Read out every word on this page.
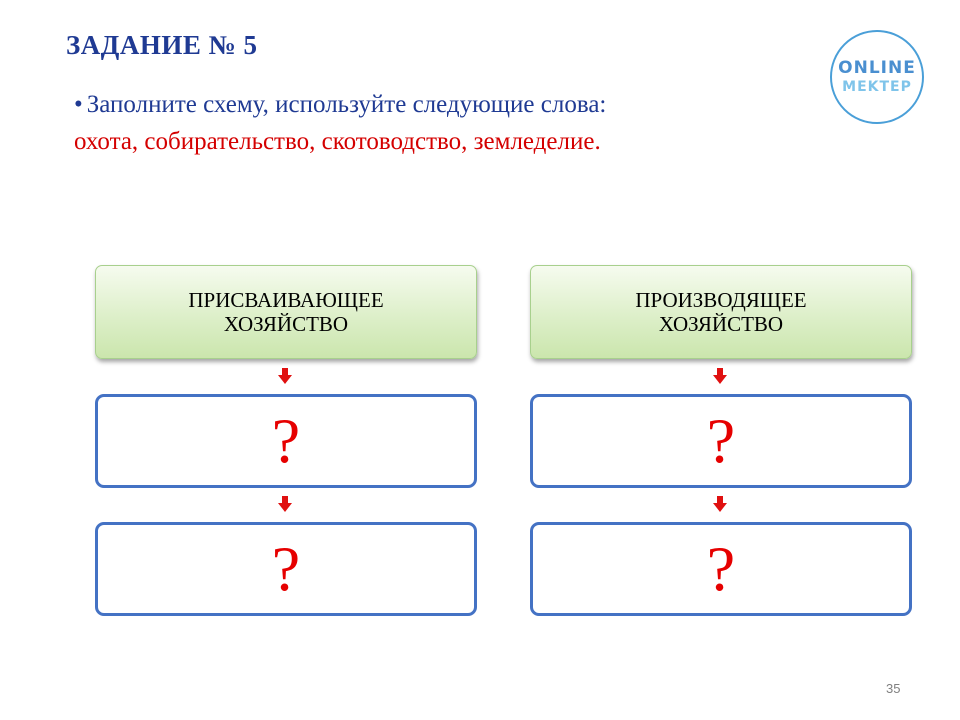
ЗАДАНИЕ № 5
• Заполните схему, используйте следующие слова:
охота, собирательство, скотоводство, земледелие.
ONLINE
MEKTEP
ПРИСВАИВАЮЩЕЕ ХОЗЯЙСТВО
?
?
ПРОИЗВОДЯЩЕЕ ХОЗЯЙСТВО
?
?
35
